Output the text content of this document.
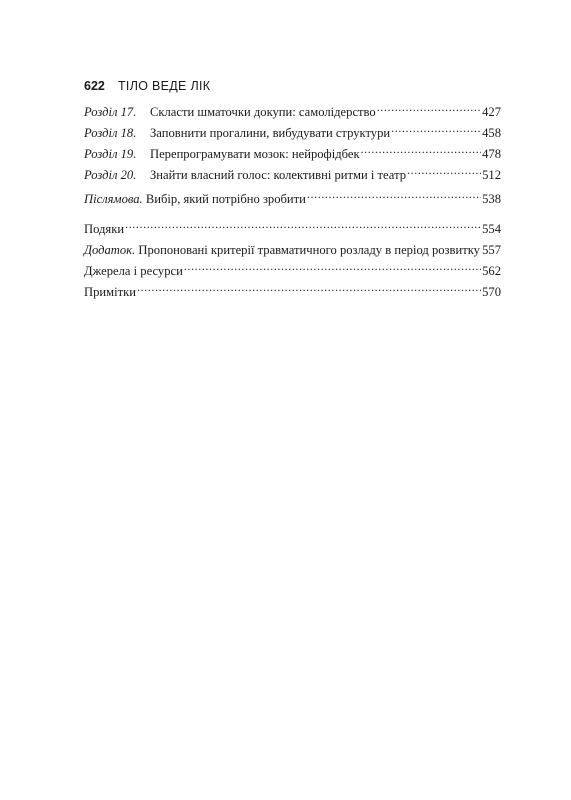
622 ТІЛО ВЕДЕ ЛІК
Розділ 17. Скласти шматочки докупи: самолідерство .....	427
Розділ 18. Заповнити прогалини, вибудувати структури .....	458
Розділ 19. Перепрограмувати мозок: нейрофідбек .....	478
Розділ 20. Знайти власний голос: колективні ритми і театр .....	512
Післямова. Вибір, який потрібно зробити .....	538
Подяки .....	554
Додаток. Пропоновані критерії травматичного розладу в період розвитку ..... 557
Джерела і ресурси .....	562
Примітки .....	570
